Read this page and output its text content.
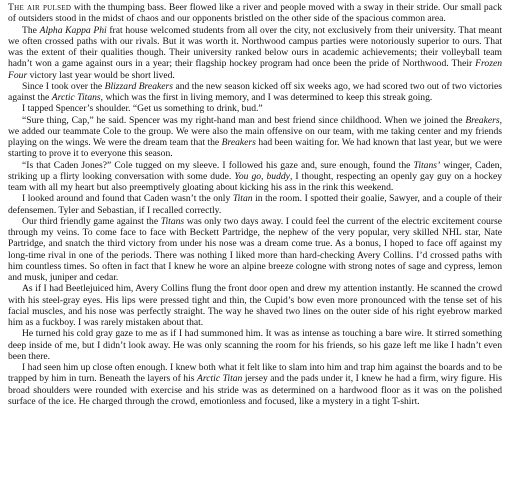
The air pulsed with the thumping bass. Beer flowed like a river and people moved with a sway in their stride. Our small pack of outsiders stood in the midst of chaos and our opponents bristled on the other side of the spacious common area.

The Alpha Kappa Phi frat house welcomed students from all over the city, not exclusively from their university. That meant we often crossed paths with our rivals. But it was worth it. Northwood campus parties were notoriously superior to ours. That was the extent of their qualities though. Their university ranked below ours in academic achievements; their volleyball team hadn’t won a game against ours in a year; their flagship hockey program had once been the pride of Northwood. Their Frozen Four victory last year would be short lived.

Since I took over the Blizzard Breakers and the new season kicked off six weeks ago, we had scored two out of two victories against the Arctic Titans, which was the first in living memory, and I was determined to keep this streak going.

I tapped Spencer’s shoulder. “Get us something to drink, bud.”

“Sure thing, Cap,” he said. Spencer was my right-hand man and best friend since childhood. When we joined the Breakers, we added our teammate Cole to the group. We were also the main offensive on our team, with me taking center and my friends playing on the wings. We were the dream team that the Breakers had been waiting for. We had known that last year, but we were starting to prove it to everyone this season.

“Is that Caden Jones?” Cole tugged on my sleeve. I followed his gaze and, sure enough, found the Titans’ winger, Caden, striking up a flirty looking conversation with some dude. You go, buddy, I thought, respecting an openly gay guy on a hockey team with all my heart but also preemptively gloating about kicking his ass in the rink this weekend.

I looked around and found that Caden wasn’t the only Titan in the room. I spotted their goalie, Sawyer, and a couple of their defensemen. Tyler and Sebastian, if I recalled correctly.

Our third friendly game against the Titans was only two days away. I could feel the current of the electric excitement course through my veins. To come face to face with Beckett Partridge, the nephew of the very popular, very skilled NHL star, Nate Partridge, and snatch the third victory from under his nose was a dream come true. As a bonus, I hoped to face off against my long-time rival in one of the periods. There was nothing I liked more than hard-checking Avery Collins. I’d crossed paths with him countless times. So often in fact that I knew he wore an alpine breeze cologne with strong notes of sage and cypress, lemon and musk, juniper and cedar.

As if I had Beetlejuiced him, Avery Collins flung the front door open and drew my attention instantly. He scanned the crowd with his steel-gray eyes. His lips were pressed tight and thin, the Cupid’s bow even more pronounced with the tense set of his facial muscles, and his nose was perfectly straight. The way he shaved two lines on the outer side of his right eyebrow marked him as a fuckboy. I was rarely mistaken about that.

He turned his cold gray gaze to me as if I had summoned him. It was as intense as touching a bare wire. It stirred something deep inside of me, but I didn’t look away. He was only scanning the room for his friends, so his gaze left me like I hadn’t even been there.

I had seen him up close often enough. I knew both what it felt like to slam into him and trap him against the boards and to be trapped by him in turn. Beneath the layers of his Arctic Titan jersey and the pads under it, I knew he had a firm, wiry figure. His broad shoulders were rounded with exercise and his stride was as determined on a hardwood floor as it was on the polished surface of the ice. He charged through the crowd, emotionless and focused, like a mystery in a tight T-shirt.
